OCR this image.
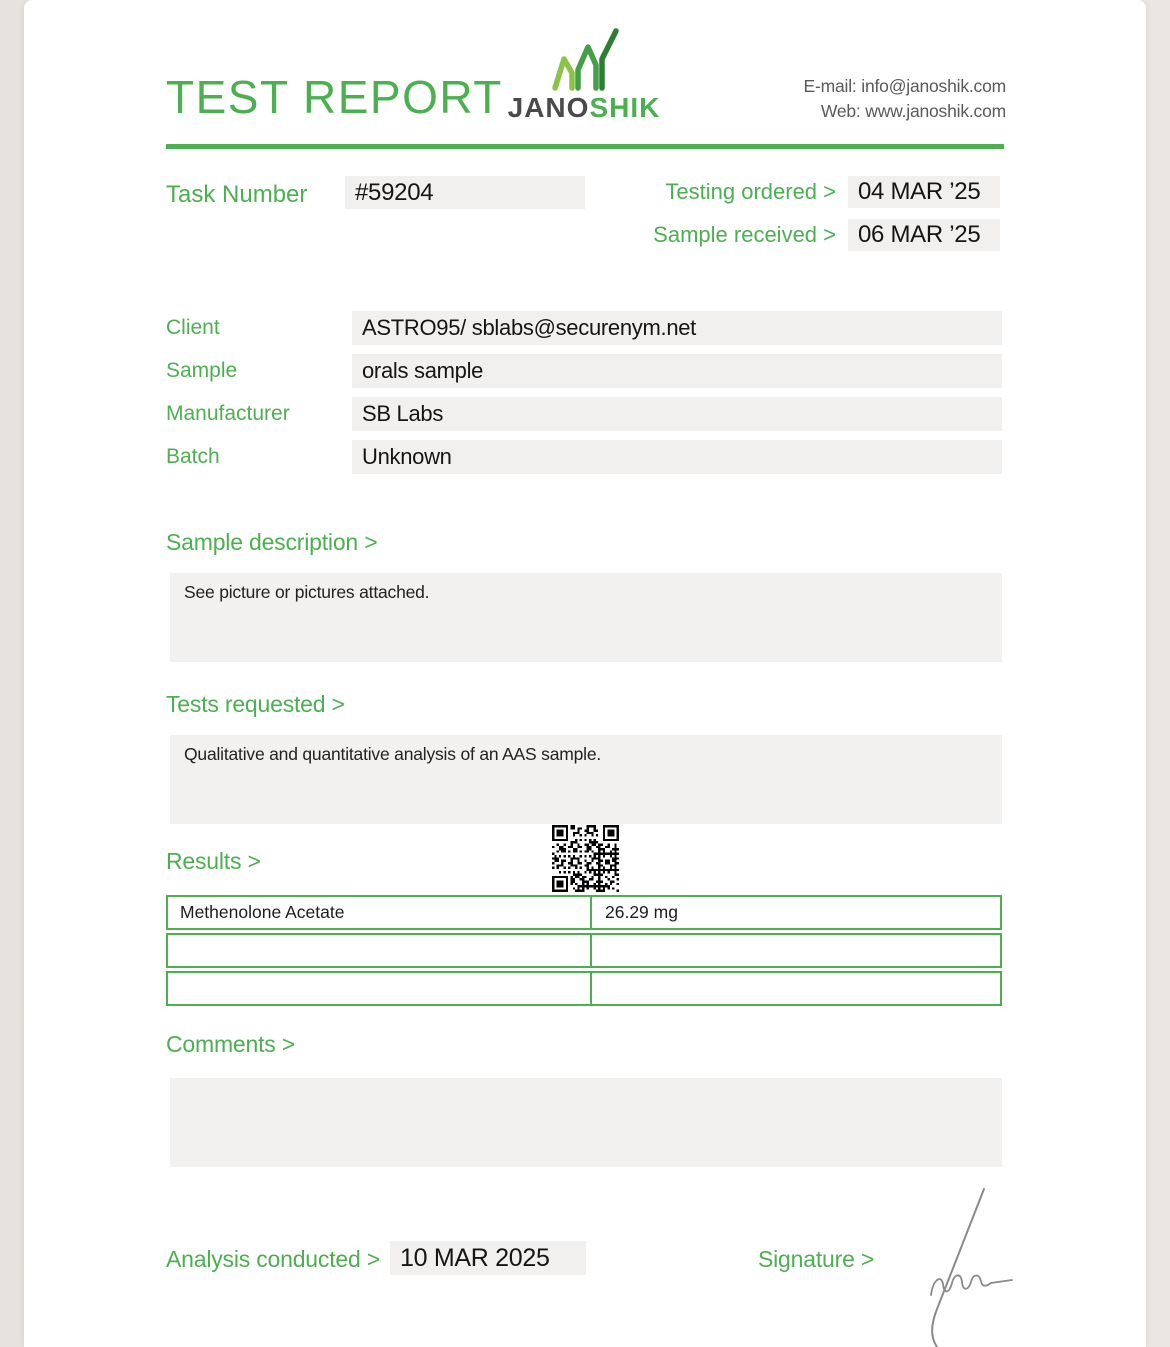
TEST REPORT JANOSHIK
E-mail: info@janoshik.com
Web: www.janoshik.com
Task Number	#59204	Testing ordered > 04 MAR ’25
Sample received > 06 MAR ’25
Client	ASTRO95/ sblabs@securenym.net
Sample	orals sample
Manufacturer	SB Labs
Batch	Unknown
Sample description >
See picture or pictures attached.
Tests requested >
Qualitative and quantitative analysis of an AAS sample.
Results >
Methenolone Acetate	26.29 mg
Comments >
Analysis conducted > 10 MAR 2025	Signature >
